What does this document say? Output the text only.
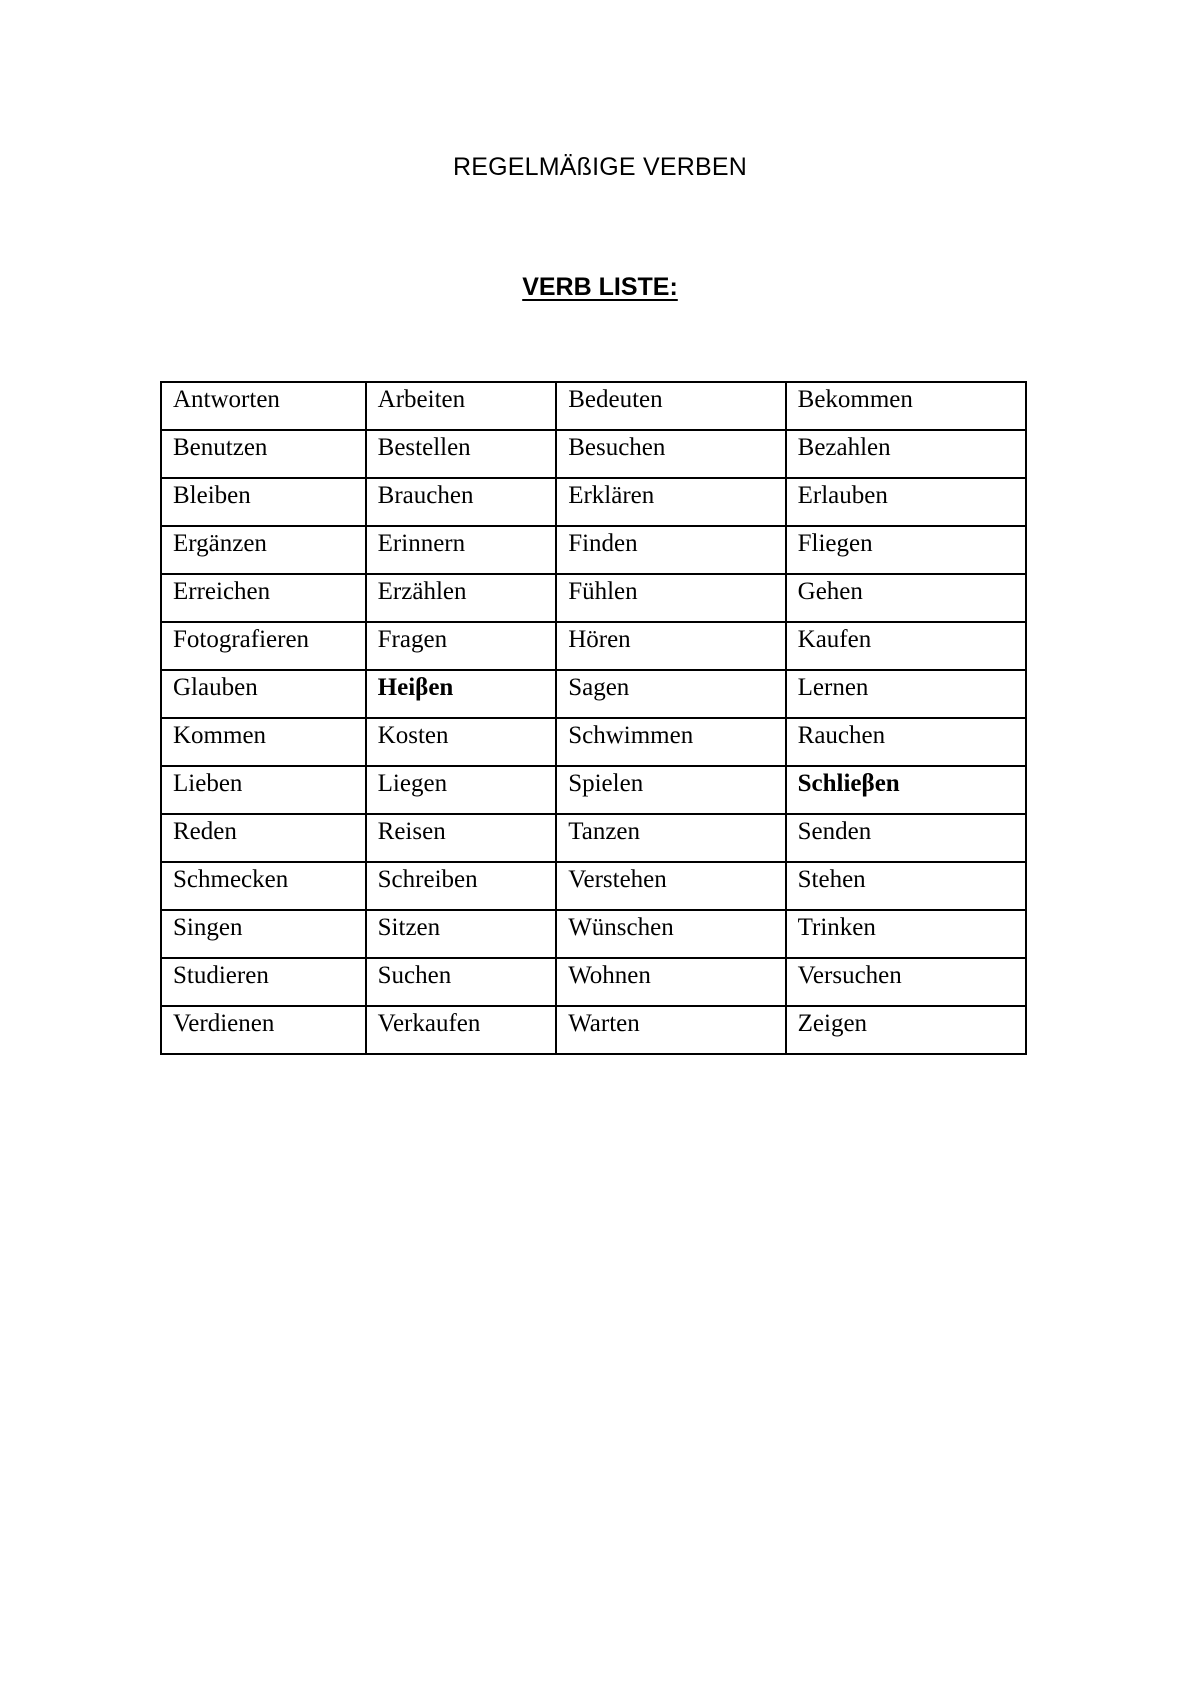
REGELMÄßIGE VERBEN
VERB LISTE:
Antworten	Arbeiten	Bedeuten	Bekommen
Benutzen	Bestellen	Besuchen	Bezahlen
Bleiben	Brauchen	Erklären	Erlauben
Ergänzen	Erinnern	Finden	Fliegen
Erreichen	Erzählen	Fühlen	Gehen
Fotografieren	Fragen	Hören	Kaufen
Glauben	Heiβen	Sagen	Lernen
Kommen	Kosten	Schwimmen	Rauchen
Lieben	Liegen	Spielen	Schlieβen
Reden	Reisen	Tanzen	Senden
Schmecken	Schreiben	Verstehen	Stehen
Singen	Sitzen	Wünschen	Trinken
Studieren	Suchen	Wohnen	Versuchen
Verdienen	Verkaufen	Warten	Zeigen
